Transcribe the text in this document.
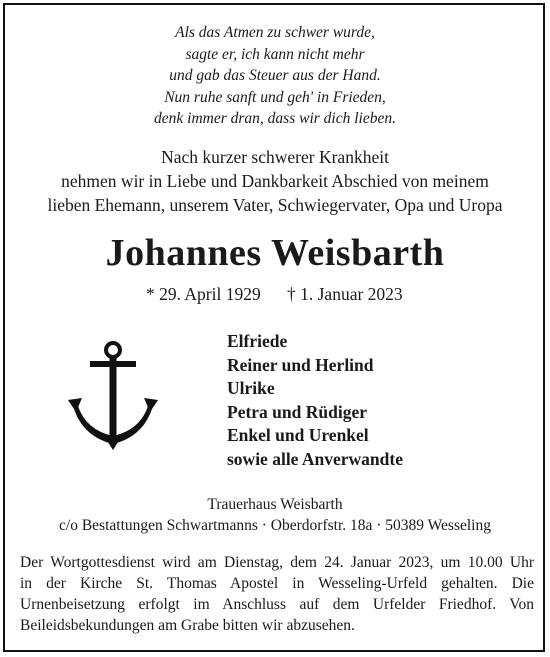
Als das Atmen zu schwer wurde,
sagte er, ich kann nicht mehr
und gab das Steuer aus der Hand.
Nun ruhe sanft und geh' in Frieden,
denk immer dran, dass wir dich lieben.
Nach kurzer schwerer Krankheit
nehmen wir in Liebe und Dankbarkeit Abschied von meinem
lieben Ehemann, unserem Vater, Schwiegervater, Opa und Uropa
Johannes Weisbarth
* 29. April 1929 † 1. Januar 2023
Elfriede
Reiner und Herlind
Ulrike
Petra und Rüdiger
Enkel und Urenkel
sowie alle Anverwandte
Trauerhaus Weisbarth
c/o Bestattungen Schwartmanns · Oberdorfstr. 18a · 50389 Wesseling
Der Wortgottesdienst wird am Dienstag, dem 24. Januar 2023, um 10.00 Uhr
in der Kirche St. Thomas Apostel in Wesseling-Urfeld gehalten. Die
Urnenbeisetzung erfolgt im Anschluss auf dem Urfelder Friedhof. Von
Beileidsbekundungen am Grabe bitten wir abzusehen.
